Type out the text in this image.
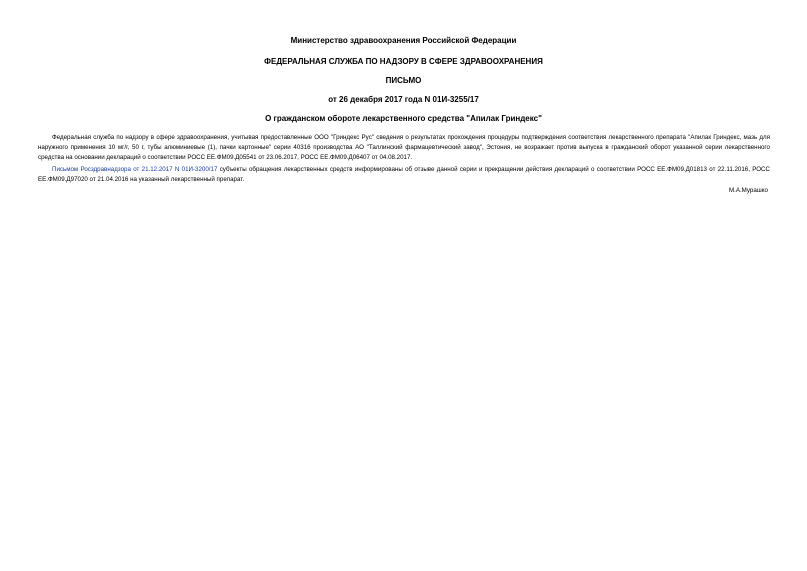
Министерство здравоохранения Российской Федерации
ФЕДЕРАЛЬНАЯ СЛУЖБА ПО НАДЗОРУ В СФЕРЕ ЗДРАВООХРАНЕНИЯ
ПИСЬМО
от 26 декабря 2017 года N 01И-3255/17
О гражданском обороте лекарственного средства "Апилак Гриндекс"
Федеральная служба по надзору в сфере здравоохранения, учитывая предоставленные ООО "Гриндекс Рус" сведения о результатах прохождения процедуры подтверждения соответствия лекарственного препарата "Апилак Гриндекс, мазь для наружного применения 10 мг/г, 50 г, тубы алюминиевые (1), пачки картонные" серии 40316 производства АО "Таллинский фармацевтический завод", Эстония, не возражает против выпуска в гражданский оборот указанной серии лекарственного средства на основании деклараций о соответствии РОСС ЕЕ.ФМ09.Д05541 от 23.06.2017, РОСС ЕЕ.ФМ09.Д06407 от 04.08.2017.
Письмом Росздравнадзора от 21.12.2017 N 01И-3200/17 субъекты обращения лекарственных средств информированы об отзыве данной серии и прекращении действия деклараций о соответствии РОСС ЕЕ.ФМ09.Д01813 от 22.11.2016, РОСС ЕЕ.ФМ09.Д97020 от 21.04.2016 на указанный лекарственный препарат.
М.А.Мурашко
